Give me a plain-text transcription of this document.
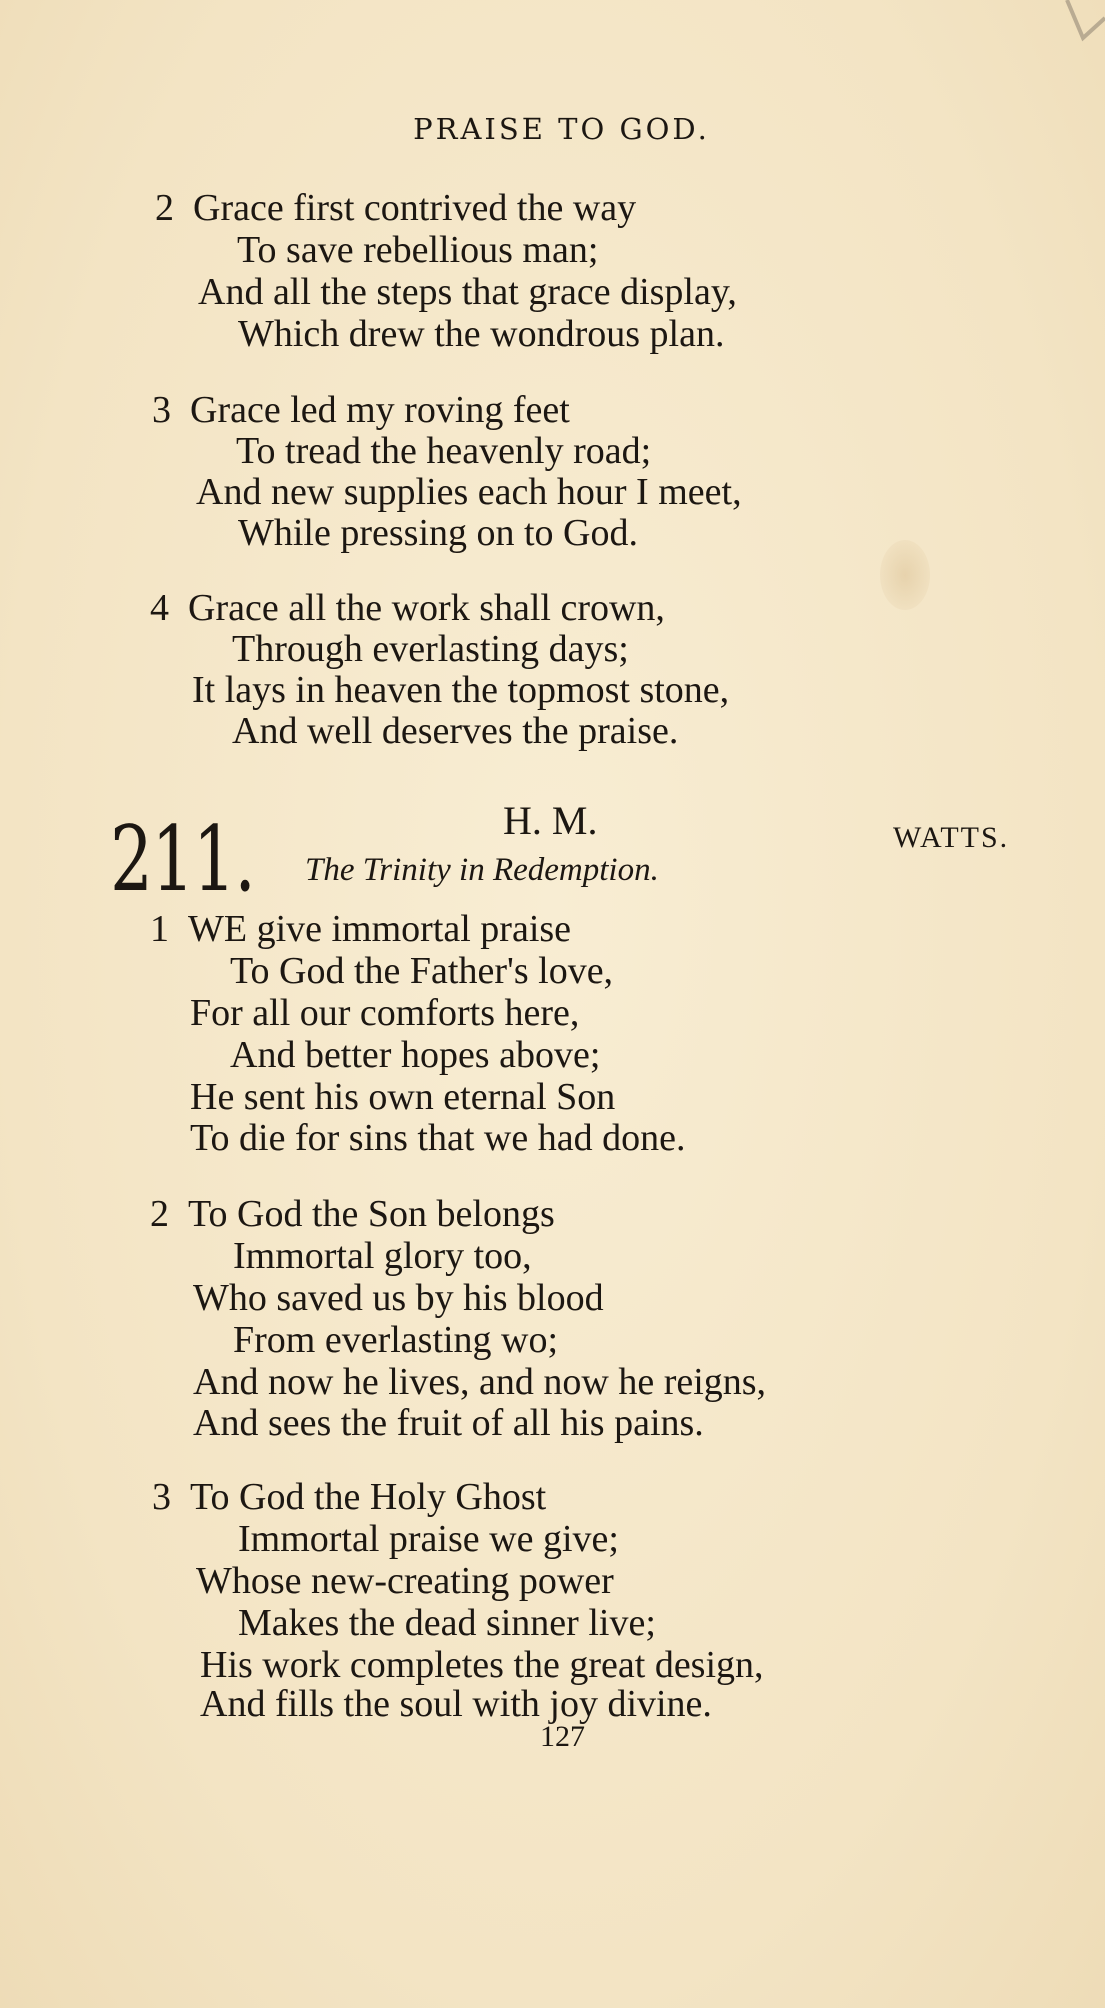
PRAISE TO GOD.
2 Grace first contrived the way
To save rebellious man;
And all the steps that grace display,
Which drew the wondrous plan.
3 Grace led my roving feet
To tread the heavenly road;
And new supplies each hour I meet,
While pressing on to God.
4 Grace all the work shall crown,
Through everlasting days;
It lays in heaven the topmost stone,
And well deserves the praise.
211.	H. M.	WATTS.
The Trinity in Redemption.
1 WE give immortal praise
To God the Father's love,
For all our comforts here,
And better hopes above;
He sent his own eternal Son
To die for sins that we had done.
2 To God the Son belongs
Immortal glory too,
Who saved us by his blood
From everlasting wo;
And now he lives, and now he reigns,
And sees the fruit of all his pains.
3 To God the Holy Ghost
Immortal praise we give;
Whose new-creating power
Makes the dead sinner live;
His work completes the great design,
And fills the soul with joy divine.
127
